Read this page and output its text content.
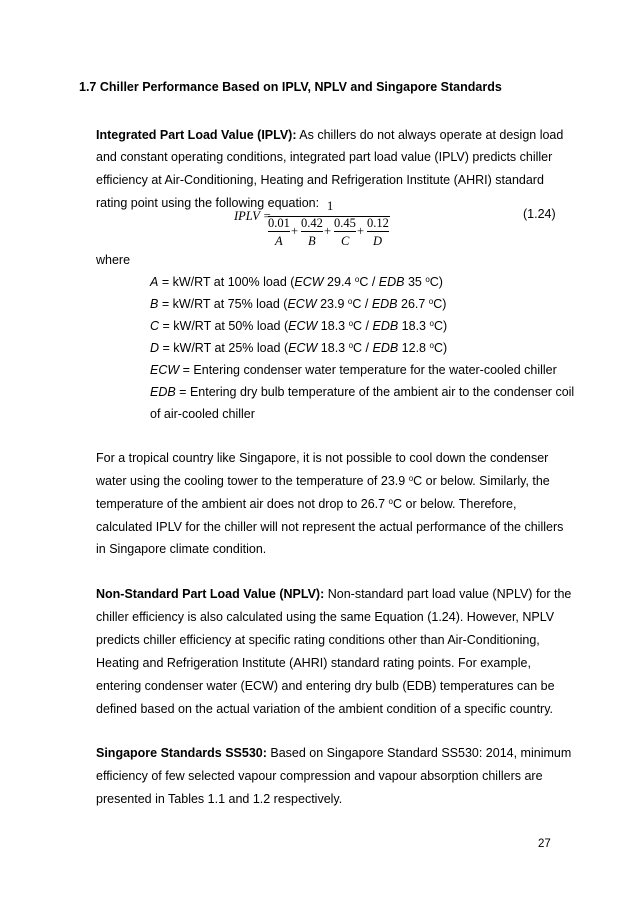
1.7 Chiller Performance Based on IPLV, NPLV and Singapore Standards
Integrated Part Load Value (IPLV): As chillers do not always operate at design load
and constant operating conditions, integrated part load value (IPLV) predicts chiller
efficiency at Air-Conditioning, Heating and Refrigeration Institute (AHRI) standard
rating point using the following equation:
IPLV =
1
0.01
A
+
0.42
B
+
0.45
C
+
0.12
D
(1.24)
where
A = kW/RT at 100% load (ECW 29.4 $^o$C / EDB 35 $^o$C)
B = kW/RT at 75% load (ECW 23.9 $^o$C / EDB 26.7 $^o$C)
C = kW/RT at 50% load (ECW 18.3 $^o$C / EDB 18.3 $^o$C)
D = kW/RT at 25% load (ECW 18.3 $^o$C / EDB 12.8 $^o$C)
ECW = Entering condenser water temperature for the water-cooled chiller
EDB = Entering dry bulb temperature of the ambient air to the condenser coil
of air-cooled chiller
For a tropical country like Singapore, it is not possible to cool down the condenser
water using the cooling tower to the temperature of 23.9 $^o$C or below. Similarly, the
temperature of the ambient air does not drop to 26.7 $^o$C or below. Therefore,
calculated IPLV for the chiller will not represent the actual performance of the chillers
in Singapore climate condition.
Non-Standard Part Load Value (NPLV): Non-standard part load value (NPLV) for the
chiller efficiency is also calculated using the same Equation (1.24). However, NPLV
predicts chiller efficiency at specific rating conditions other than Air-Conditioning,
Heating and Refrigeration Institute (AHRI) standard rating points. For example,
entering condenser water (ECW) and entering dry bulb (EDB) temperatures can be
defined based on the actual variation of the ambient condition of a specific country.
Singapore Standards SS530: Based on Singapore Standard SS530: 2014, minimum
efficiency of few selected vapour compression and vapour absorption chillers are
presented in Tables 1.1 and 1.2 respectively.
27
